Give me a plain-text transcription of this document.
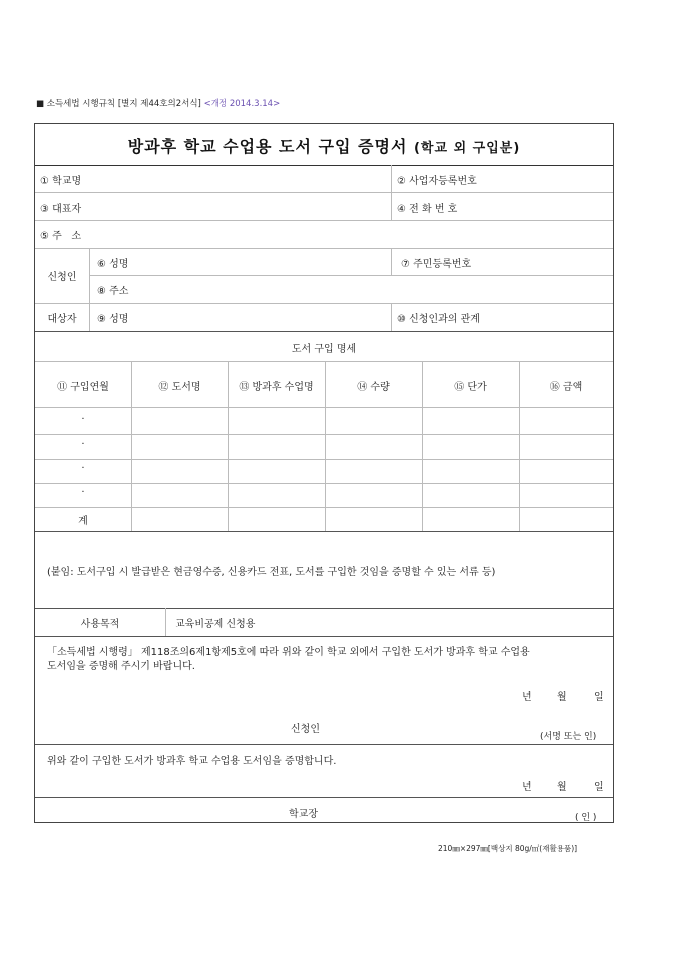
■ 소득세법 시행규칙 [별지 제44호의2서식] <개정 2014.3.14>
방과후 학교 수업용 도서 구입 증명서 (학교 외 구입분)
① 학교명	② 사업자등록번호
③ 대표자	④ 전 화 번 호
⑤ 주   소
신청인
⑥ 성명	⑦ 주민등록번호
⑧ 주소
대상자	⑨ 성명	⑩ 신청인과의 관계
도서 구입 명세
⑪ 구입연월	⑫ 도서명	⑬ 방과후 수업명	⑭ 수량	⑮ 단가	⑯ 금액
·
·
·
·
계
(붙임: 도서구입 시 발급받은 현금영수증, 신용카드 전표, 도서를 구입한 것임을 증명할 수 있는 서류 등)
사용목적	교육비공제 신청용
「소득세법 시행령」 제118조의6제1항제5호에 따라 위와 같이 학교 외에서 구입한 도서가 방과후 학교 수업용
도서임을 증명해 주시기 바랍니다.
년	월	일
신청인
(서명 또는 인)
위와 같이 구입한 도서가 방과후 학교 수업용 도서임을 증명합니다.
년	월	일
학교장	( 인 )
210㎜×297㎜[백상지 80g/㎡(재활용품)]
